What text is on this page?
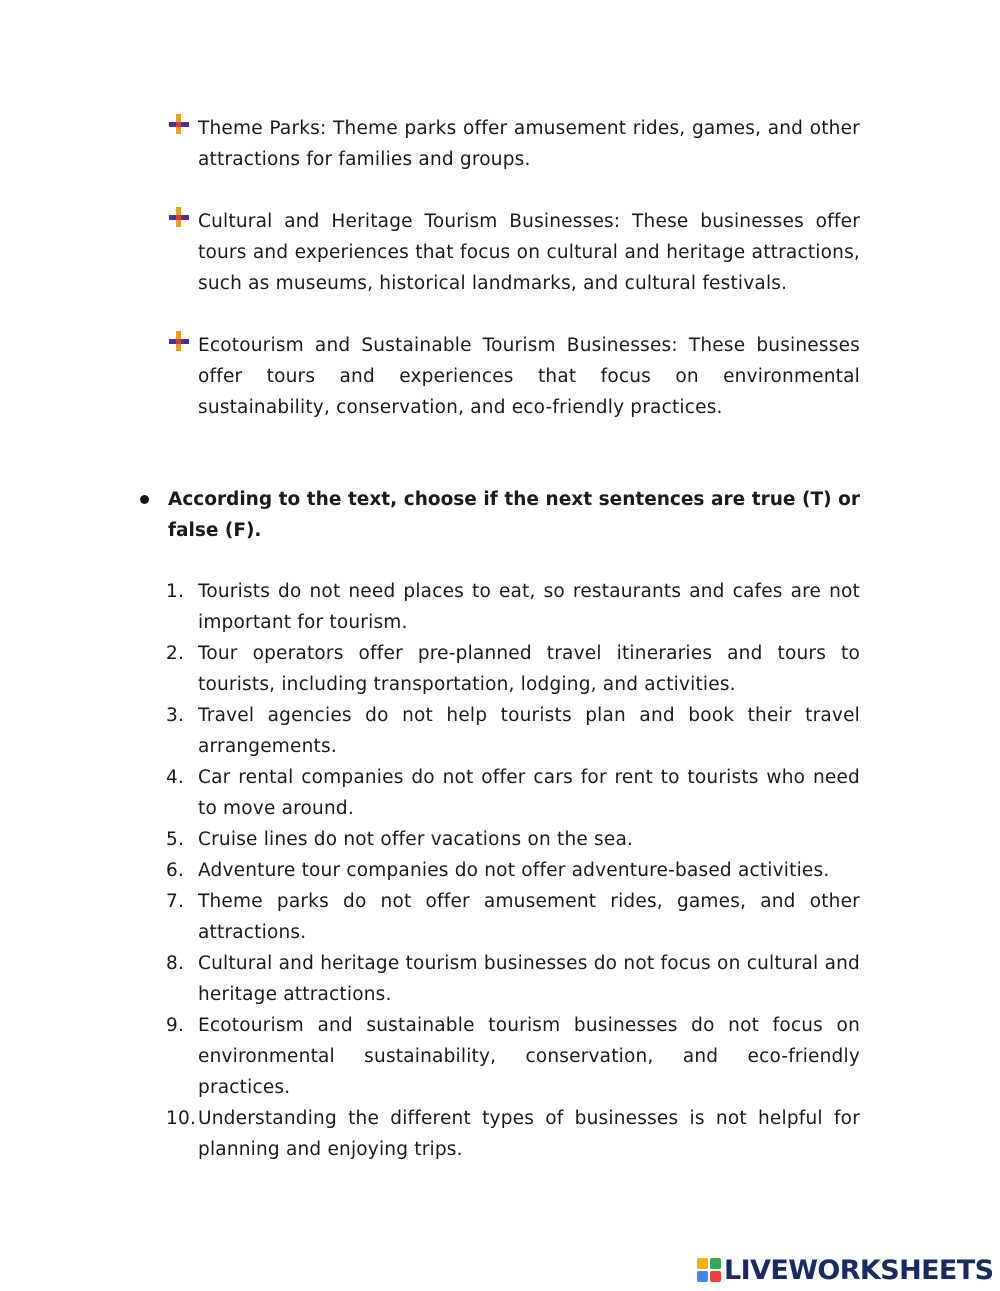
Theme Parks: Theme parks offer amusement rides, games, and other attractions for families and groups.
Cultural and Heritage Tourism Businesses: These businesses offer tours and experiences that focus on cultural and heritage attractions, such as museums, historical landmarks, and cultural festivals.
Ecotourism and Sustainable Tourism Businesses: These businesses offer tours and experiences that focus on environmental sustainability, conservation, and eco-friendly practices.
According to the text, choose if the next sentences are true (T) or false (F).
1. Tourists do not need places to eat, so restaurants and cafes are not important for tourism.
2. Tour operators offer pre-planned travel itineraries and tours to tourists, including transportation, lodging, and activities.
3. Travel agencies do not help tourists plan and book their travel arrangements.
4. Car rental companies do not offer cars for rent to tourists who need to move around.
5. Cruise lines do not offer vacations on the sea.
6. Adventure tour companies do not offer adventure-based activities.
7. Theme parks do not offer amusement rides, games, and other attractions.
8. Cultural and heritage tourism businesses do not focus on cultural and heritage attractions.
9. Ecotourism and sustainable tourism businesses do not focus on environmental sustainability, conservation, and eco-friendly practices.
10. Understanding the different types of businesses is not helpful for planning and enjoying trips.
LIVEWORKSHEETS
